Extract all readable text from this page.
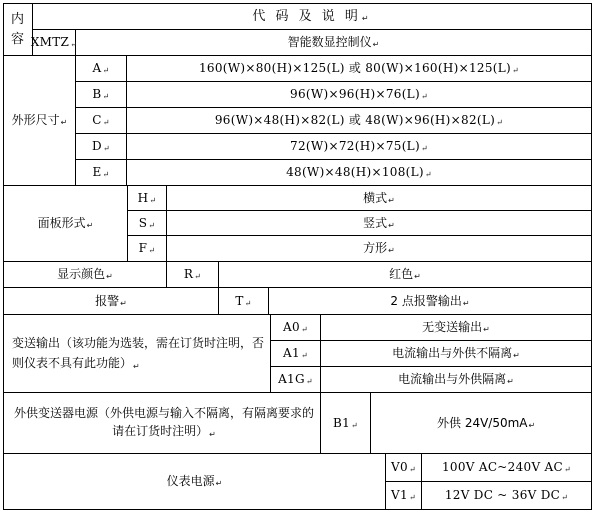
内容
代 码 及 说 明 ↵
XMTZ ↵	智能数显控制仪 ↵
外形尺寸 ↵
A ↵	160(W)×80(H)×125(L) 或 80(W)×160(H)×125(L) ↵
B ↵	96(W)×96(H)×76(L) ↵
C ↵	96(W)×48(H)×82(L) 或 48(W)×96(H)×82(L) ↵
D ↵	72(W)×72(H)×75(L) ↵
E ↵	48(W)×48(H)×108(L) ↵
面板形式 ↵
H ↵	横式 ↵
S ↵	竖式 ↵
F ↵	方形 ↵
显示颜色 ↵	R ↵	红色 ↵
报警 ↵	T ↵	2 点报警输出 ↵
变送输出（该功能为选装，需在订货时注明，否则仪表不具有此功能）↵
A0 ↵	无变送输出 ↵
A1 ↵	电流输出与外供不隔离 ↵
A1G ↵	电流输出与外供隔离 ↵
外供变送器电源（外供电源与输入不隔离，有隔离要求的请在订货时注明）↵
B1 ↵	外供 24V/50mA ↵
仪表电源 ↵
V0 ↵ 100V AC~240V AC ↵
V1 ↵ 12V DC ~ 36V DC ↵
